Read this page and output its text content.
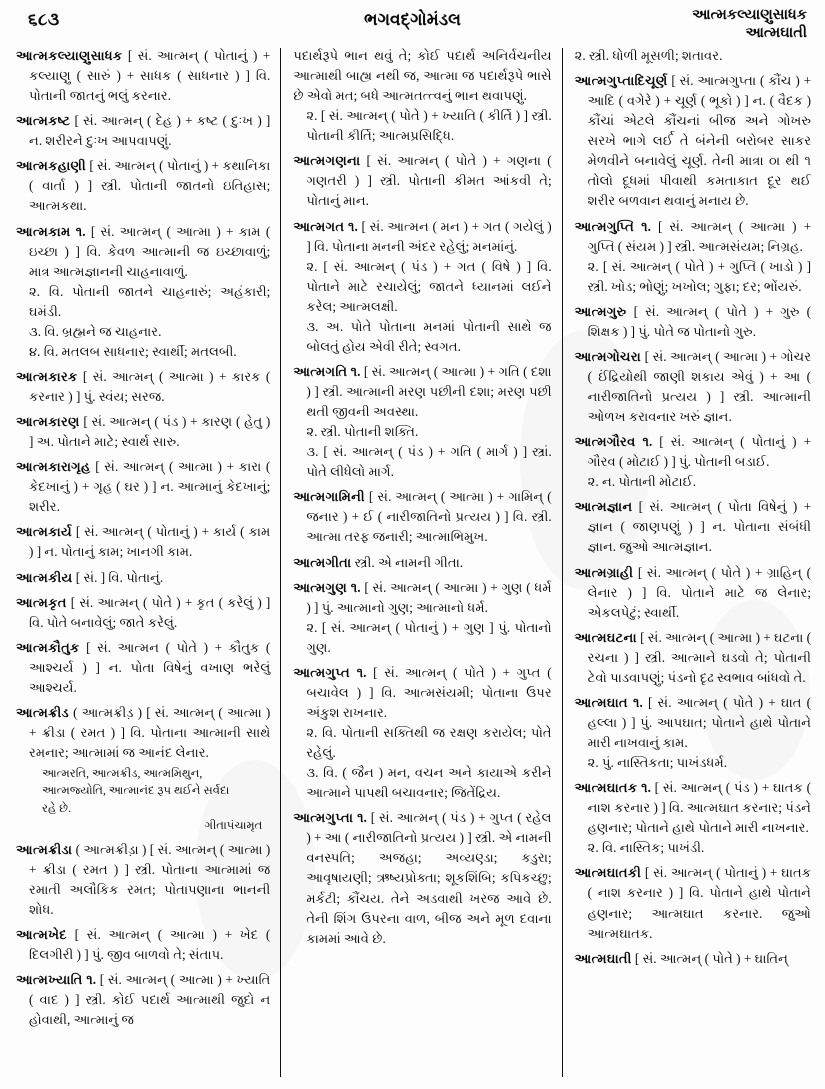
૬૮૩	ભગવદ્‌ગોમંડલ	આત્મકલ્યાણુસાધક
આત્મઘાતી

આત્મકલ્યાણુસાધક [ સં. આત્મન્ ( પોતાનું ) + કલ્યાણુ ( સારું ) + સાધક ( સાધનાર ) ] વિ. પોતાની જાતનું ભલું કરનાર.

આત્મકષ્ટ [ સં. આત્મન્ ( દેહ ) + કષ્ટ ( દુઃખ ) ] ન. શરીરને દુઃખ આપવાપણું.

આત્મકહાણી [ સં. આત્મન્ ( પોતાનું ) + કથાનિકા ( વાર્તા ) ] સ્ત્રી. પોતાની જાતનો ઇતિહાસ; આત્મકથા.

આત્મકામ ૧. [ સં. આત્મન્ ( આત્મા ) + કામ ( ઇચ્છા ) ] વિ. કેવળ આત્માની જ ઇચ્છાવાળું; માત્ર આત્મજ્ઞાનની ચાહનાવાળું.

૨. વિ. પોતાની જાતને ચાહનારું; અહંકારી; ઘમંડી.

૩. વિ. બ્રહ્મને જ ચાહનાર.

૪. વિ. મતલબ સાધનાર; સ્વાર્થી; મતલબી.

આત્મકારક [ સં. આત્મન્ ( આત્મા ) + કારક ( કરનાર ) ] પું. સ્વંય; સરજ.

આત્મકારણ [ સં. આત્મન્ ( પંડ ) + કારણ ( હેતુ ) ] અ. પોતાને માટે; સ્વાર્થ સારુ.

આત્મકારાગૃહ [ સં. આત્મન્ ( આત્મા ) + કારા ( કેદખાનું ) + ગૃહ ( ઘર ) ] ન. આત્માનું કેદખાનું; શરીર.

આત્મકાર્ય [ સં. આત્મન્ ( પોતાનું ) + કાર્ય ( કામ ) ] ન. પોતાનું કામ; ખાનગી કામ.

આત્મકીય [ સં. ] વિ. પોતાનું.

આત્મકૃત [ સં. આત્મન્ ( પોતે ) + કૃત ( કરેલું ) ] વિ. પોતે બનાવેલું; જાતે કરેલું.

આત્મકૌતુક [ સં. આત્મન ( પોતે ) + કૌતુક ( આશ્ચર્ય ) ] ન. પોતા વિષેનું વખાણ ભરેલું આશ્ચર્ય.

આત્મક્રીડ ( આત્મક્રીડ઼ ) [ સં. આત્મન્ ( આત્મા ) + ક્રીડા ( રમત ) ] વિ. પોતાના આત્માની સાથે રમનાર; આત્મામાં જ આનંદ લેનાર.

આત્મરતિ, આત્મક્રીડ, આત્મમિથુન,
આત્મજ્યોતિ, આત્માનંદ રૂપ થઈને સર્વદા
રહે છે.
ગીતાપંચામૃત

આત્મક્રીડા ( આત્મક્રીડ઼ા ) [ સં. આત્મન્ ( આત્મા ) + ક્રીડા ( રમત ) ] સ્ત્રી. પોતાના આત્મામાં જ રમાતી અલૌકિક રમત; પોતાપણાના ભાનની શોધ.

આત્મખેદ [ સં. આત્મન્ ( આત્મા ) + ખેદ ( દિલગીરી ) ] પું. જીવ બાળવો તે; સંતાપ.

આત્મખ્યાતિ ૧. [ સં. આત્મન્ ( આત્મા ) + ખ્યાતિ ( વાદ ) ] સ્ત્રી. કોઈ પદાર્થ આત્માથી જુદો ન હોવાથી, આત્માનું જ

પદાર્થરૂપે ભાન થવું તે; કોઈ પદાર્થ અનિર્વચનીય આત્માથી બાહ્ય નથી જ, આત્મા જ પદાર્થરૂપે ભાસે છે એવો મત; બધે આત્મતત્ત્વનું ભાન થવાપણું.

૨. [ સં. આત્મન્ ( પોતે ) + ખ્યાતિ ( કીર્તિ ) ] સ્ત્રી. પોતાની કીર્તિ; આત્મપ્રસિદ્ધિ.

આત્મગણના [ સં. આત્મન્ ( પોતે ) + ગણના ( ગણતરી ) ] સ્ત્રી. પોતાની કીમત આંકવી તે; પોતાનું માન.

આત્મગત ૧. [ સં. આત્મન ( મન ) + ગત ( ગયેલું ) ] વિ. પોતાના મનની અંદર રહેલું; મનમાંનું.

૨. [ સં. આત્મન્ ( પંડ ) + ગત ( વિષે ) ] વિ. પોતાને માટે રચાયેલું; જાતને ધ્યાનમાં લઈને કરેલ; આત્મલક્ષી.

૩. અ. પોતે પોતાના મનમાં પોતાની સાથે જ બોલતું હોય એવી રીતે; સ્વગત.

આત્મગતિ ૧. [ સં. આત્મન્ ( આત્મા ) + ગતિ ( દશા ) ] સ્ત્રી. આત્માની મરણ પછીની દશા; મરણ પછી થતી જીવની અવસ્થા.

૨. સ્ત્રી. પોતાની શક્તિ.

૩. [ સં. આત્મન્ ( પંડ ) + ગતિ ( માર્ગ ) ] સ્ત્રાં. પોતે લીધેલો માર્ગ.

આત્મગામિની [ સં. આત્મન્ ( આત્મા ) + ગામિન્ ( જનાર ) + ઈ ( નારીજાતિનો પ્રત્યય ) ] વિ. સ્ત્રી. આત્મા તરફ જનારી; આત્માભિમુખ.

આત્મગીતા સ્ત્રી. એ નામની ગીતા.

આત્મગુણ ૧. [ સં. આત્મન્ ( આત્મા ) + ગુણ ( ધર્મ ) ] પું. આત્માનો ગુણ; આત્માનો ધર્મ.

૨. [ સં. આત્મન્ ( પોતાનું ) + ગુણ ] પું. પોતાનો ગુણ.

આત્મગુપ્ત ૧. [ સં. આત્મન્ ( પોતે ) + ગુપ્ત ( બચાવેલ ) ] વિ. આત્મસંયમી; પોતાના ઉપર અંકુશ રાખનાર.

૨. વિ. પોતાની સક્તિથી જ રક્ષણ કરાયેલ; પોતે રહેલું.

૩. વિ. ( જૈન ) મન, વચન અને કાયાએ કરીને આત્માને પાપથી બચાવનાર; જિતેંદ્રિય.

આત્મગુપ્તા ૧. [ સં. આત્મન્ ( પંડ ) + ગુપ્ત ( રહેલ ) + આ ( નારીજાતિનો પ્રત્યય ) ] સ્ત્રી. એ નામની વનસ્પતિ; અજહા; અવ્યણ્ડા; કડુરા; આવૃષાયણી; ઋષ્યપ્રોક્તા; શૂકશિંબિ; કપિકચ્છુ; મર્કટી; કૌંચય. તેને અડવાથી ખરજ આવે છે. તેની શિંગ ઉપરના વાળ, બીજ અને મૂળ દવાના કામમાં આવે છે.

૨. સ્ત્રી. ધોળી મૂસળી; શતાવર.

આત્મગુપ્તાદિચૂર્ણ [ સં. આત્મગુપ્તા ( કૌંચ ) + આદિ ( વગેરે ) + ચૂર્ણ ( ભૂકો ) ] ન. ( વૈદક ) કૌંચાં એટલે કૌંચનાં બીજ અને ગોખરુ સરખે ભાગે લર્ઈ તે બંનેની બરોબર સાકર મેળવીને બનાવેલું ચૂર્ણ. તેની માત્રા ૦ા થી ૧ તોલો દૂધમાં પીવાથી કમતાકાત દૂર થઈ શરીર બળવાન થવાનું મનાય છે.

આત્મગુપ્તિ ૧. [ સં. આત્મન્ ( આત્મા ) + ગુપ્તિ ( સંયમ ) ] સ્ત્રી. આત્મસંયમ; નિગ્રહ.

૨. [ સં. આત્મન્ ( પોતે ) + ગુપ્તિ ( ખાડો ) ] સ્ત્રી. ખોડ; ભોણું; ખખોલ; ગુફા; દર; ભોંયરું.

આત્મગુરુ [ સં. આત્મન્ ( પોતે ) + ગુરુ ( શિક્ષક ) ] પું. પોતે જ પોતાનો ગુરુ.

આત્મગોચરા [ સં. આત્મન્ ( આત્મા ) + ગોચર ( ઈંદ્રિયોથી જાણી શકાય એવું ) + આ ( નારીજાતિનો પ્રત્યય ) ] સ્ત્રી. આત્માની ઓળખ કરાવનાર ખરું જ્ઞાન.

આત્મગૌરવ ૧. [ સં. આત્મન્ ( પોતાનું ) + ગૌરવ ( મોટાઈ ) ] પું. પોતાની બડાઈ.

૨. ન. પોતાની મોટાઈ.

આત્મજ્ઞાન [ સં. આત્મન્ ( પોતા વિષેનું ) + જ્ઞાન ( જાણપણું ) ] ન. પોતાના સંબંધી જ્ઞાન. જુઓ આત્મજ્ઞાન.

આત્મગ્રાહી [ સં. આત્મન્ ( પોતે ) + ગ્રાહિન્ ( લેનાર ) ] વિ. પોતાને માટે જ લેનાર; એકલપેટું; સ્વાર્થી.

આત્મઘટના [ સં. આત્મન્ ( આત્મા ) + ઘટના ( રચના ) ] સ્ત્રી. આત્માને ઘડવો તે; પોતાની ટેવો પાડવાપણું; પંડનો દૃઢ સ્વભાવ બાંધવો તે.

આત્મઘાત ૧. [ સં. આત્મન્ ( પોતે ) + ઘાત ( હલ્લા ) ] પું. આપઘાત; પોતાને હાથે પોતાને મારી નાખવાનું કામ.

૨. પું. નાસ્તિકતા; પાખંડધર્મ.

આત્મઘાતક ૧. [ સં. આત્મન્ ( પંડ ) + ઘાતક ( નાશ કરનાર ) ] વિ. આત્મઘાત કરનાર; પંડને હણનાર; પોતાને હાથે પોતાને મારી નાખનાર.

૨. વિ. નાસ્તિક; પાખંડી.

આત્મઘાતકી [ સં. આત્મન્ ( પોતાનું ) + ઘાતક ( નાશ કરનાર ) ] વિ. પોતાને હાથે પોતાને હણનાર; આત્મઘાત કરનાર. જુઓ આત્મઘાતક.

આત્મઘાતી [ સં. આત્મન્ ( પોતે ) + ઘાતિન્
